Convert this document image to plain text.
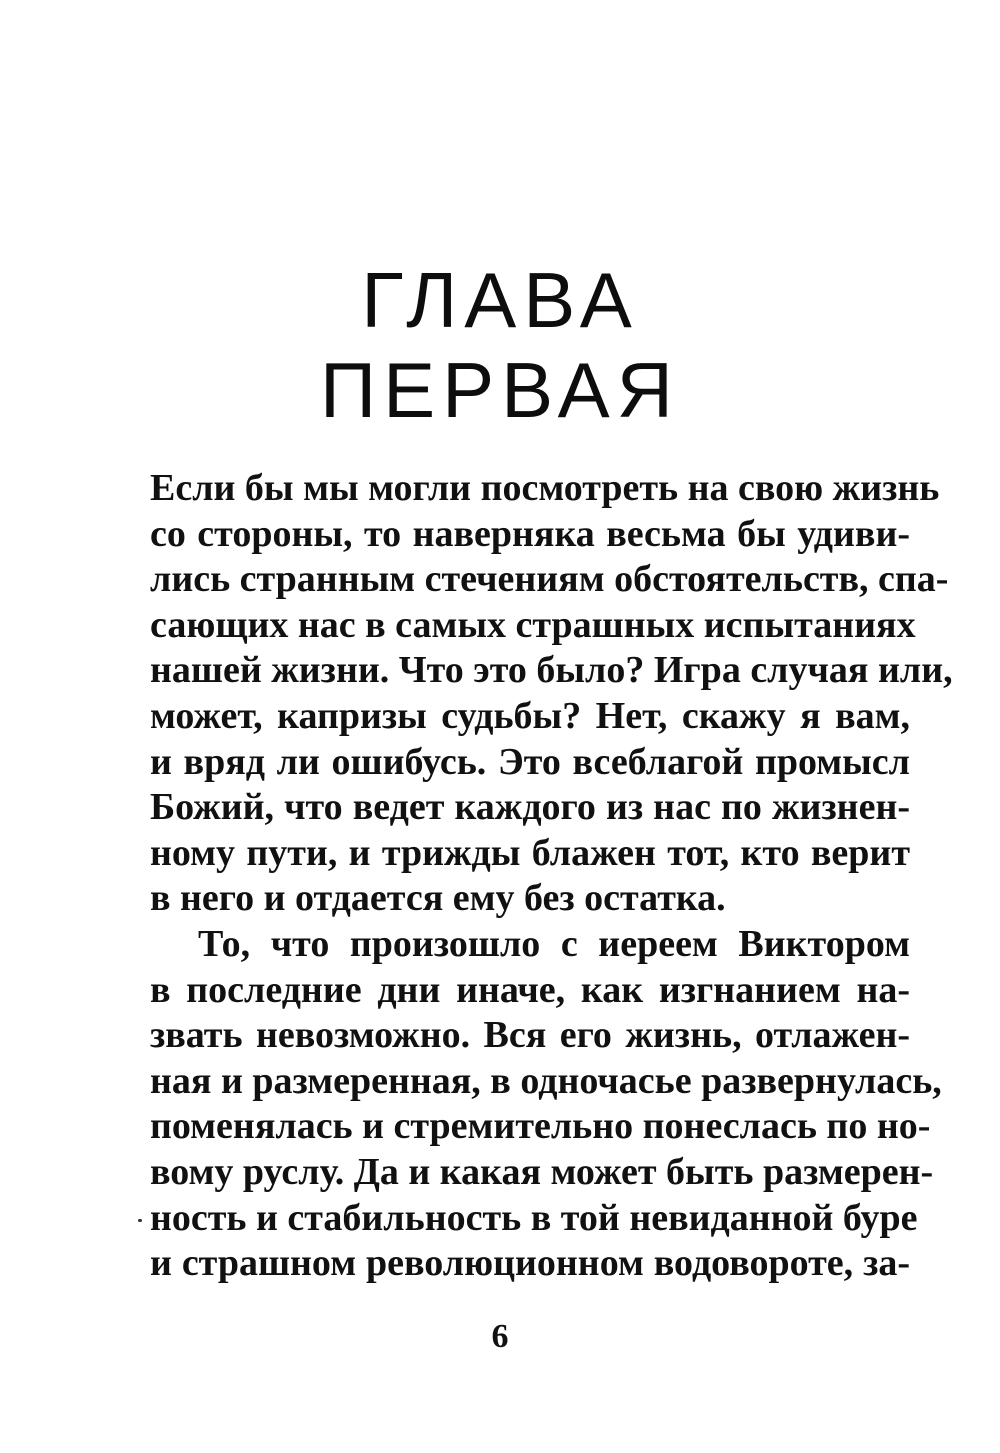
ГЛАВА
ПЕРВАЯ
Если бы мы могли посмотреть на свою жизнь
со стороны, то наверняка весьма бы удиви-
лись странным стечениям обстоятельств, спа-
сающих нас в самых страшных испытаниях
нашей жизни. Что это было? Игра случая или,
может, капризы судьбы? Нет, скажу я вам,
и вряд ли ошибусь. Это всеблагой промысл
Божий, что ведет каждого из нас по жизнен-
ному пути, и трижды блажен тот, кто верит
в него и отдается ему без остатка.
То, что произошло с иереем Виктором
в последние дни иначе, как изгнанием на-
звать невозможно. Вся его жизнь, отлажен-
ная и размеренная, в одночасье развернулась,
поменялась и стремительно понеслась по но-
вому руслу. Да и какая может быть размерен-
ность и стабильность в той невиданной буре
и страшном революционном водовороте, за-
6
